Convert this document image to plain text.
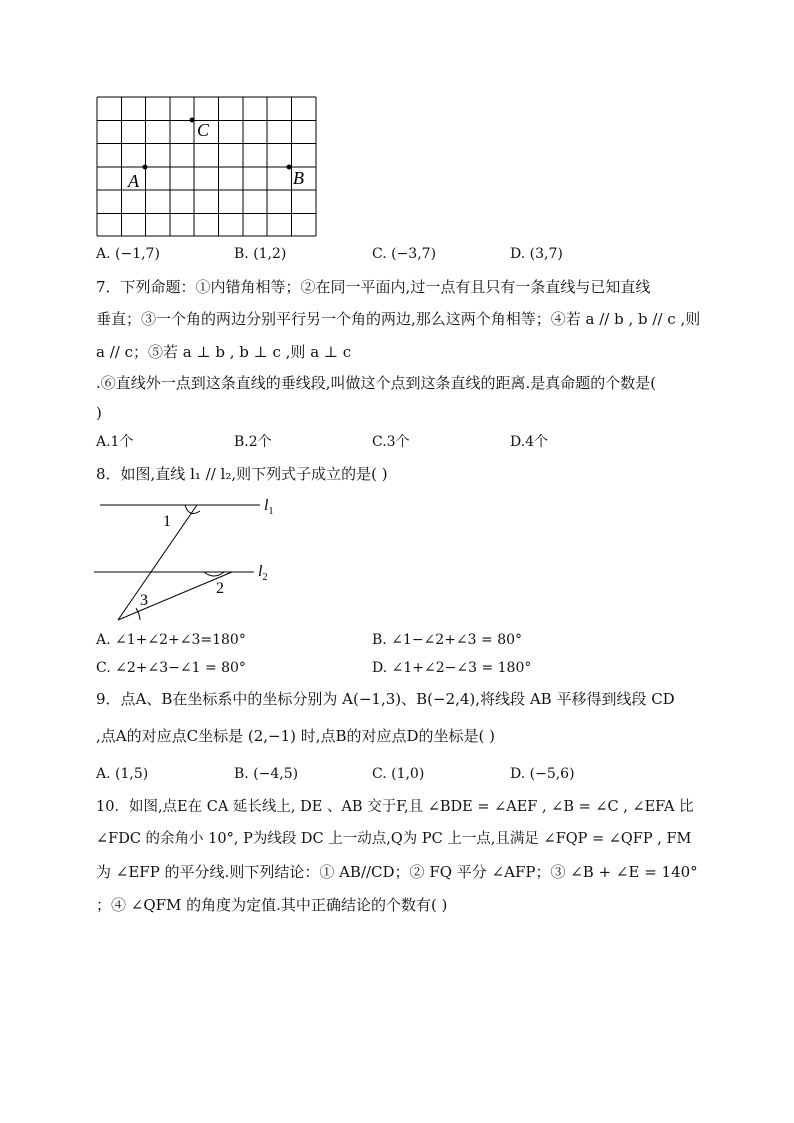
C
A	B
A. (−1,7)	B. (1,2)	C. (−3,7)	D. (3,7)
7．下列命题：①内错角相等；②在同一平面内,过一点有且只有一条直线与已知直线
垂直；③一个角的两边分别平行另一个角的两边,那么这两个角相等；④若 a // b , b // c ,则
a // c；⑤若 a ⊥ b , b ⊥ c ,则 a ⊥ c
.⑥直线外一点到这条直线的垂线段,叫做这个点到这条直线的距离.是真命题的个数是(
)
A.1个	B.2个	C.3个	D.4个
8．如图,直线 l₁ // l₂,则下列式子成立的是( )
1
2
3
$l_1$
$l_2$
A. ∠1+∠2+∠3=180°	B. ∠1−∠2+∠3 = 80°
C. ∠2+∠3−∠1 = 80°	D. ∠1+∠2−∠3 = 180°
9．点A、B在坐标系中的坐标分别为 A(−1,3)、B(−2,4),将线段 AB 平移得到线段 CD
,点A的对应点C坐标是 (2,−1) 时,点B的对应点D的坐标是( )
A. (1,5)	B. (−4,5)	C. (1,0)	D. (−5,6)
10．如图,点E在 CA 延长线上, DE 、AB 交于F,且 ∠BDE = ∠AEF , ∠B = ∠C , ∠EFA 比
∠FDC 的余角小 10°, P为线段 DC 上一动点,Q为 PC 上一点,且满足 ∠FQP = ∠QFP , FM
为 ∠EFP 的平分线.则下列结论：① AB//CD；② FQ 平分 ∠AFP；③ ∠B + ∠E = 140°
；④ ∠QFM 的角度为定值.其中正确结论的个数有( )
